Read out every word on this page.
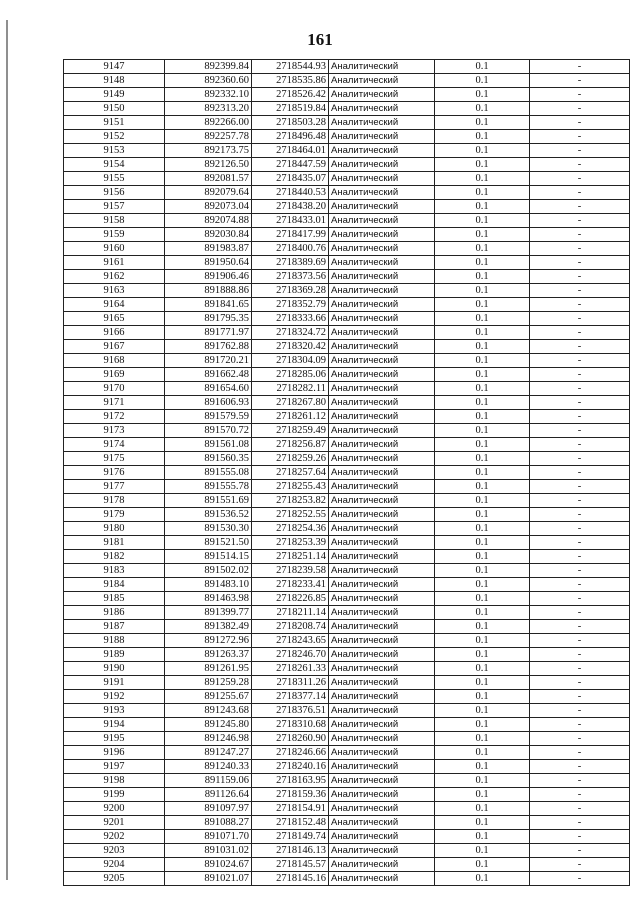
161
9147	892399.84	2718544.93	Аналитический	0.1	-
9148	892360.60	2718535.86	Аналитический	0.1	-
9149	892332.10	2718526.42	Аналитический	0.1	-
9150	892313.20	2718519.84	Аналитический	0.1	-
9151	892266.00	2718503.28	Аналитический	0.1	-
9152	892257.78	2718496.48	Аналитический	0.1	-
9153	892173.75	2718464.01	Аналитический	0.1	-
9154	892126.50	2718447.59	Аналитический	0.1	-
9155	892081.57	2718435.07	Аналитический	0.1	-
9156	892079.64	2718440.53	Аналитический	0.1	-
9157	892073.04	2718438.20	Аналитический	0.1	-
9158	892074.88	2718433.01	Аналитический	0.1	-
9159	892030.84	2718417.99	Аналитический	0.1	-
9160	891983.87	2718400.76	Аналитический	0.1	-
9161	891950.64	2718389.69	Аналитический	0.1	-
9162	891906.46	2718373.56	Аналитический	0.1	-
9163	891888.86	2718369.28	Аналитический	0.1	-
9164	891841.65	2718352.79	Аналитический	0.1	-
9165	891795.35	2718333.66	Аналитический	0.1	-
9166	891771.97	2718324.72	Аналитический	0.1	-
9167	891762.88	2718320.42	Аналитический	0.1	-
9168	891720.21	2718304.09	Аналитический	0.1	-
9169	891662.48	2718285.06	Аналитический	0.1	-
9170	891654.60	2718282.11	Аналитический	0.1	-
9171	891606.93	2718267.80	Аналитический	0.1	-
9172	891579.59	2718261.12	Аналитический	0.1	-
9173	891570.72	2718259.49	Аналитический	0.1	-
9174	891561.08	2718256.87	Аналитический	0.1	-
9175	891560.35	2718259.26	Аналитический	0.1	-
9176	891555.08	2718257.64	Аналитический	0.1	-
9177	891555.78	2718255.43	Аналитический	0.1	-
9178	891551.69	2718253.82	Аналитический	0.1	-
9179	891536.52	2718252.55	Аналитический	0.1	-
9180	891530.30	2718254.36	Аналитический	0.1	-
9181	891521.50	2718253.39	Аналитический	0.1	-
9182	891514.15	2718251.14	Аналитический	0.1	-
9183	891502.02	2718239.58	Аналитический	0.1	-
9184	891483.10	2718233.41	Аналитический	0.1	-
9185	891463.98	2718226.85	Аналитический	0.1	-
9186	891399.77	2718211.14	Аналитический	0.1	-
9187	891382.49	2718208.74	Аналитический	0.1	-
9188	891272.96	2718243.65	Аналитический	0.1	-
9189	891263.37	2718246.70	Аналитический	0.1	-
9190	891261.95	2718261.33	Аналитический	0.1	-
9191	891259.28	2718311.26	Аналитический	0.1	-
9192	891255.67	2718377.14	Аналитический	0.1	-
9193	891243.68	2718376.51	Аналитический	0.1	-
9194	891245.80	2718310.68	Аналитический	0.1	-
9195	891246.98	2718260.90	Аналитический	0.1	-
9196	891247.27	2718246.66	Аналитический	0.1	-
9197	891240.33	2718240.16	Аналитический	0.1	-
9198	891159.06	2718163.95	Аналитический	0.1	-
9199	891126.64	2718159.36	Аналитический	0.1	-
9200	891097.97	2718154.91	Аналитический	0.1	-
9201	891088.27	2718152.48	Аналитический	0.1	-
9202	891071.70	2718149.74	Аналитический	0.1	-
9203	891031.02	2718146.13	Аналитический	0.1	-
9204	891024.67	2718145.57	Аналитический	0.1	-
9205	891021.07	2718145.16	Аналитический	0.1	-
